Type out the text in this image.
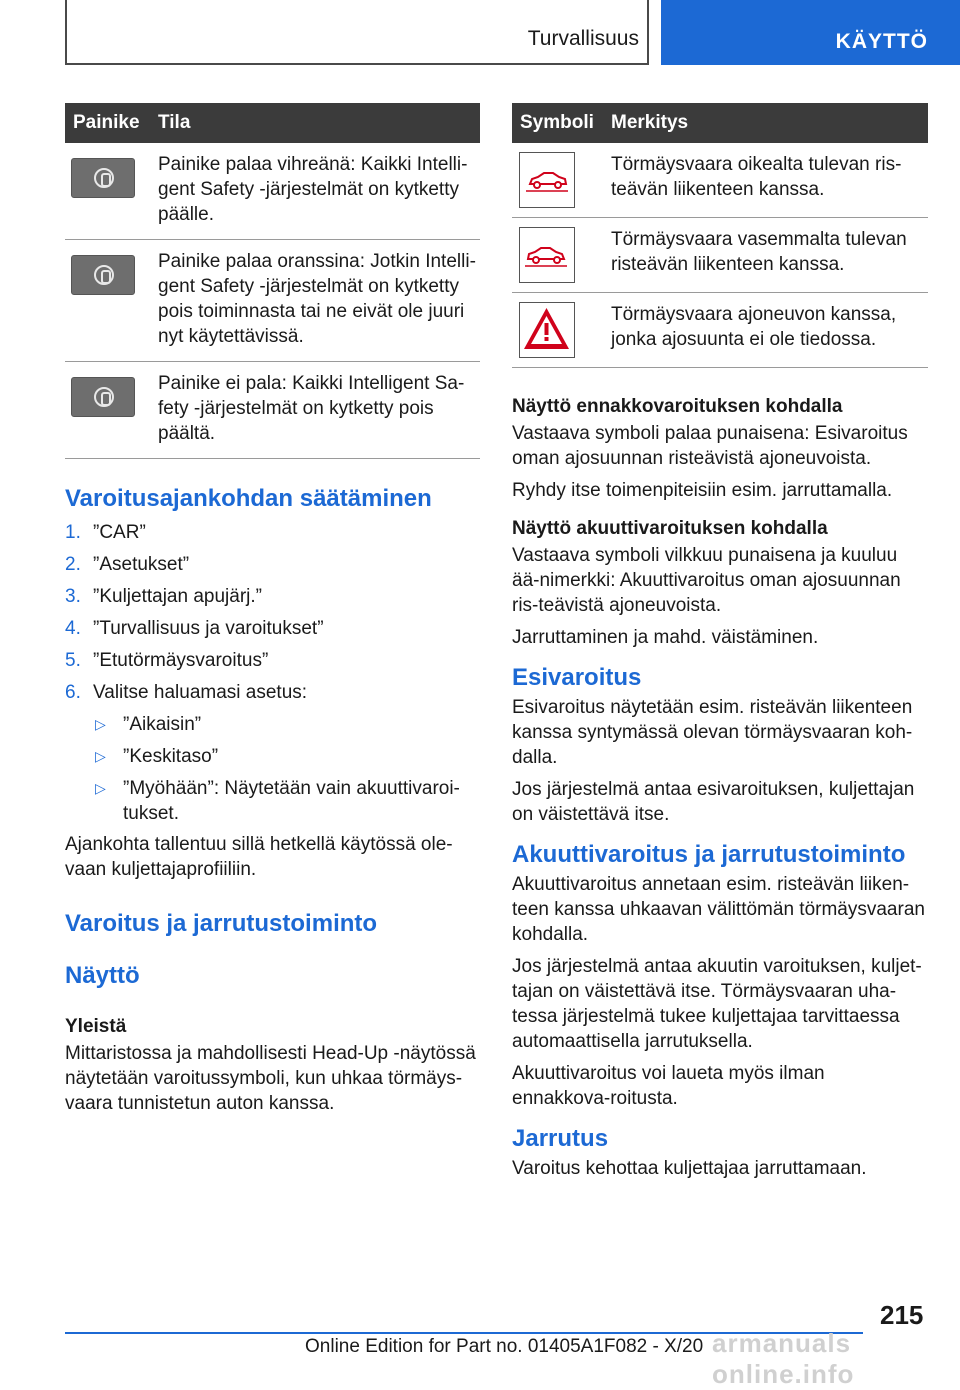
Turvallisuus	KÄYTTÖ
Painike	Tila

	Painike palaa vihreänä: Kaikki Intelli-gent Safety -järjestelmät on kytketty päälle.

	Painike palaa oranssina: Jotkin Intelli-gent Safety -järjestelmät on kytketty pois toiminnasta tai ne eivät ole juuri nyt käytettävissä.

	Painike ei pala: Kaikki Intelligent Sa-fety -järjestelmät on kytketty pois päältä.
Varoitusajankohdan säätäminen
1. ”CAR”
2. ”Asetukset”
3. ”Kuljettajan apujärj.”
4. ”Turvallisuus ja varoitukset”
5. ”Etutörmäysvaroitus”
6. Valitse haluamasi asetus:
▷ ”Aikaisin”
▷ ”Keskitaso”
▷ ”Myöhään”: Näytetään vain akuuttivaroi-tukset.

Ajankohta tallentuu sillä hetkellä käytössä ole-vaan kuljettajaprofiiliin.

Varoitus ja jarrutustoiminto
Näyttö
Yleistä

Mittaristossa ja mahdollisesti Head-Up -näytössä näytetään varoitussymboli, kun uhkaa törmäys-vaara tunnistetun auton kanssa.

Symboli	Merkitys

	Törmäysvaara oikealta tulevan ris-teävän liikenteen kanssa.

	Törmäysvaara vasemmalta tulevan risteävän liikenteen kanssa.

	Törmäysvaara ajoneuvon kanssa, jonka ajosuunta ei ole tiedossa.
Näyttö ennakkovaroituksen kohdalla

Vastaava symboli palaa punaisena: Esivaroitus oman ajosuunnan risteävistä ajoneuvoista.

Ryhdy itse toimenpiteisiin esim. jarruttamalla.

Näyttö akuuttivaroituksen kohdalla

Vastaava symboli vilkkuu punaisena ja kuuluu ää-nimerkki: Akuuttivaroitus oman ajosuunnan ris-teävistä ajoneuvoista.

Jarruttaminen ja mahd. väistäminen.

Esivaroitus

Esivaroitus näytetään esim. risteävän liikenteen kanssa syntymässä olevan törmäysvaaran koh-dalla.

Jos järjestelmä antaa esivaroituksen, kuljettajan on väistettävä itse.

Akuuttivaroitus ja jarrutustoiminto

Akuuttivaroitus annetaan esim. risteävän liiken-teen kanssa uhkaavan välittömän törmäysvaaran kohdalla.

Jos järjestelmä antaa akuutin varoituksen, kuljet-tajan on väistettävä itse. Törmäysvaaran uha-tessa järjestelmä tukee kuljettajaa tarvittaessa automaattisella jarrutuksella.

Akuuttivaroitus voi laueta myös ilman ennakkova-roitusta.

Jarrutus

Varoitus kehottaa kuljettajaa jarruttamaan.

215
armanuals online.info
Online Edition for Part no. 01405A1F082 - X/20
